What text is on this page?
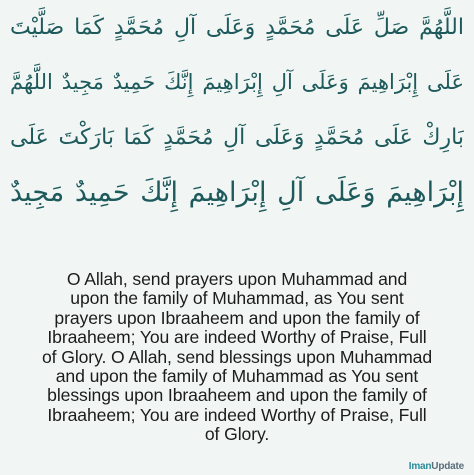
اللَّهُمَّ صَلِّ عَلَى مُحَمَّدٍ وَعَلَى آلِ مُحَمَّدٍ كَمَا صَلَّيْتَ
عَلَى إِبْرَاهِيمَ وَعَلَى آلِ إِبْرَاهِيمَ إِنَّكَ حَمِيدٌ مَجِيدٌ اللَّهُمَّ
بَارِكْ عَلَى مُحَمَّدٍ وَعَلَى آلِ مُحَمَّدٍ كَمَا بَارَكْتَ عَلَى
إِبْرَاهِيمَ وَعَلَى آلِ إِبْرَاهِيمَ إِنَّكَ حَمِيدٌ مَجِيدٌ
O Allah, send prayers upon Muhammad and
upon the family of Muhammad, as You sent
prayers upon Ibraaheem and upon the family of
Ibraaheem; You are indeed Worthy of Praise, Full
of Glory. O Allah, send blessings upon Muhammad
and upon the family of Muhammad as You sent
blessings upon Ibraaheem and upon the family of
Ibraaheem; You are indeed Worthy of Praise, Full
of Glory.
ImanUpdate
